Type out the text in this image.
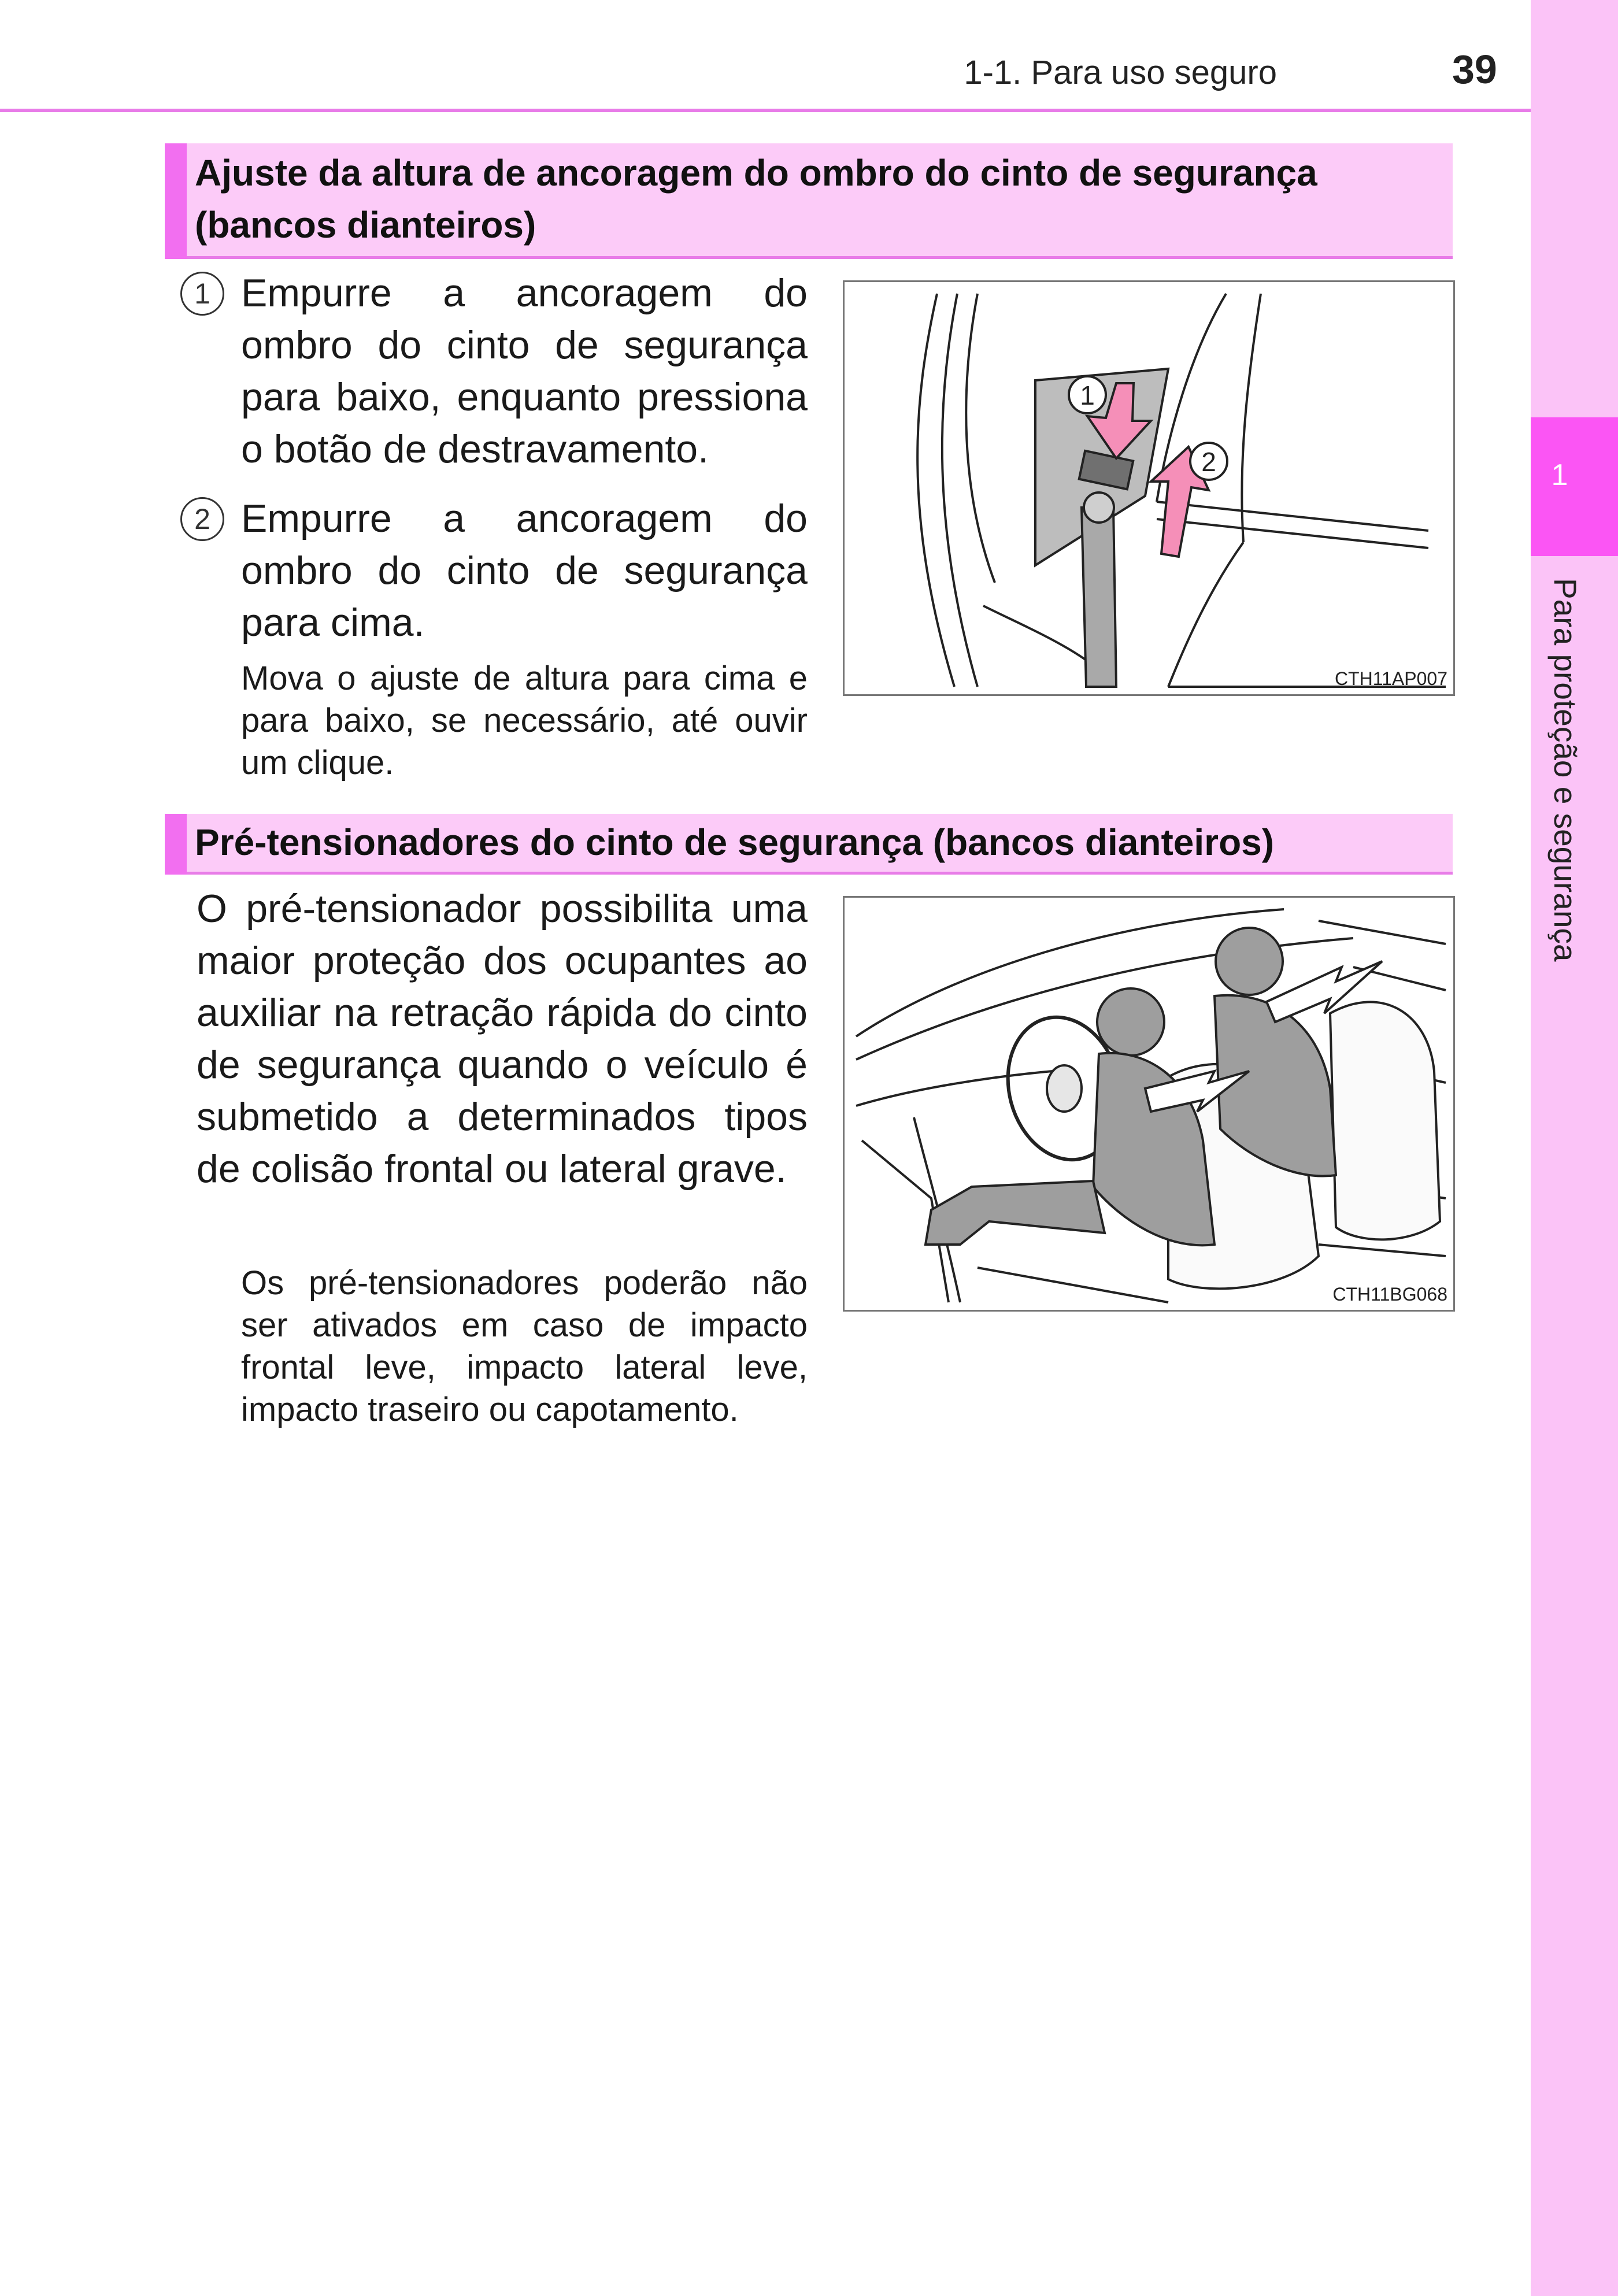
1-1. Para uso seguro	39
1
Para proteção e segurança
Ajuste da altura de ancoragem do ombro do cinto de segurança
(bancos dianteiros)
1 Empurre a ancoragem do ombro do cinto de segurança para baixo, enquanto pressiona o botão de destravamento.
2 Empurre a ancoragem do ombro do cinto de segurança para cima.
Mova o ajuste de altura para cima e para baixo, se necessário, até ouvir um clique.
1
2
CTH11AP007
Pré-tensionadores do cinto de segurança (bancos dianteiros)
O pré-tensionador possibilita uma maior proteção dos ocupantes ao auxiliar na retração rápida do cinto de segurança quando o veículo é submetido a determinados tipos de colisão frontal ou lateral grave.
Os pré-tensionadores poderão não ser ativados em caso de impacto frontal leve, impacto lateral leve, impacto traseiro ou capotamento.
CTH11BG068
